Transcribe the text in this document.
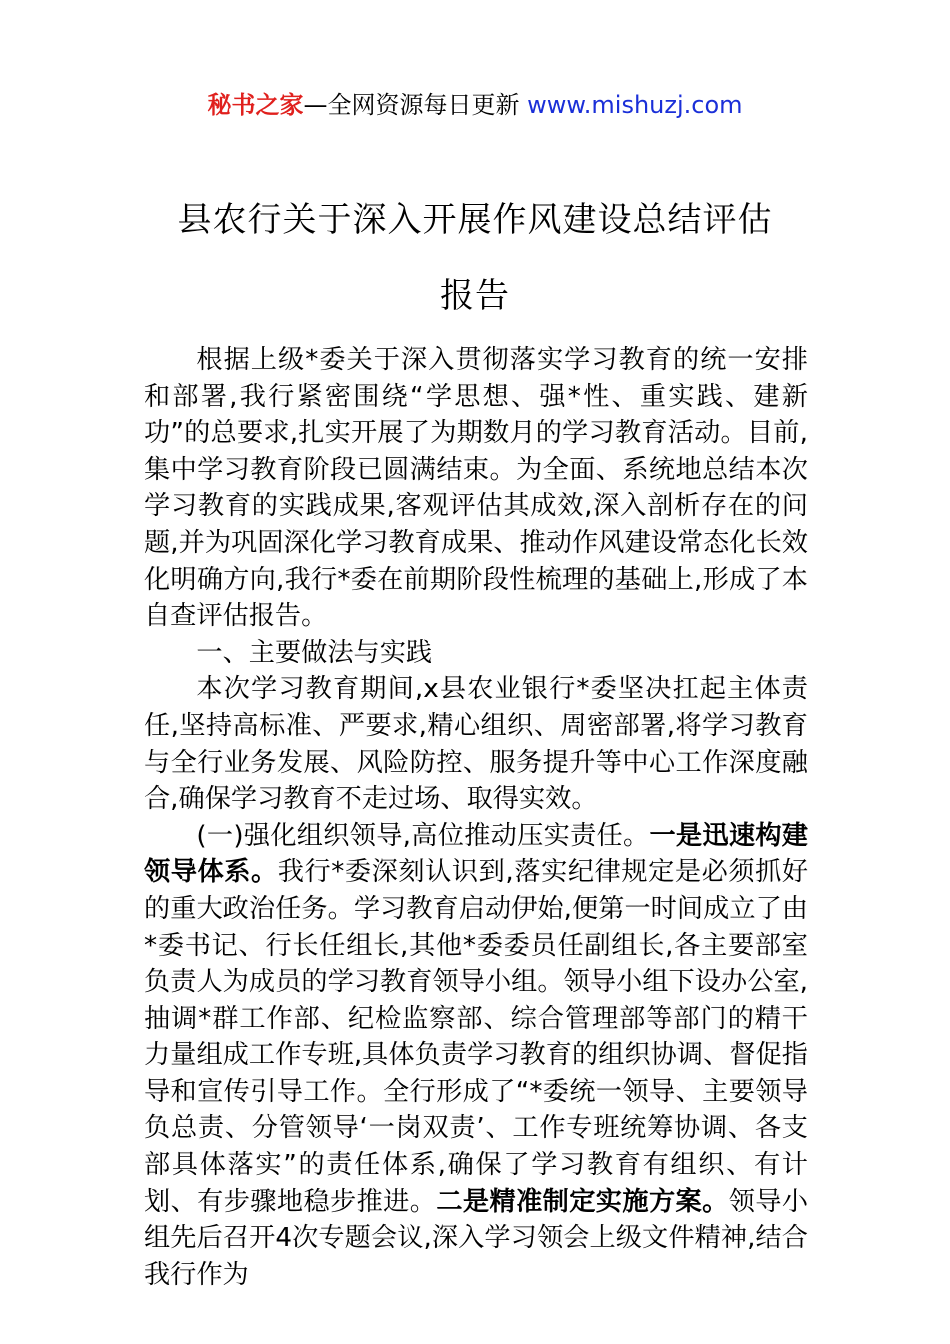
秘书之家—全网资源每日更新 www.mishuzj.com
县农行关于深入开展作风建设总结评估
报告

根据上级*委关于深入贯彻落实学习教育的统一安排和部署,我行紧密围绕“学思想、强*性、重实践、建新功”的总要求,扎实开展了为期数月的学习教育活动。目前,集中学习教育阶段已圆满结束。为全面、系统地总结本次学习教育的实践成果,客观评估其成效,深入剖析存在的问题,并为巩固深化学习教育成果、推动作风建设常态化长效化明确方向,我行*委在前期阶段性梳理的基础上,形成了本自查评估报告。

一、主要做法与实践

本次学习教育期间,x县农业银行*委坚决扛起主体责任,坚持高标准、严要求,精心组织、周密部署,将学习教育与全行业务发展、风险防控、服务提升等中心工作深度融合,确保学习教育不走过场、取得实效。

(一)强化组织领导,高位推动压实责任。一是迅速构建领导体系。我行*委深刻认识到,落实纪律规定是必须抓好的重大政治任务。学习教育启动伊始,便第一时间成立了由*委书记、行长任组长,其他*委委员任副组长,各主要部室负责人为成员的学习教育领导小组。领导小组下设办公室,抽调*群工作部、纪检监察部、综合管理部等部门的精干力量组成工作专班,具体负责学习教育的组织协调、督促指导和宣传引导工作。全行形成了“*委统一领导、主要领导负总责、分管领导‘一岗双责’、工作专班统筹协调、各支部具体落实”的责任体系,确保了学习教育有组织、有计划、有步骤地稳步推进。二是精准制定实施方案。领导小组先后召开4次专题会议,深入学习领会上级文件精神,结合我行作为
